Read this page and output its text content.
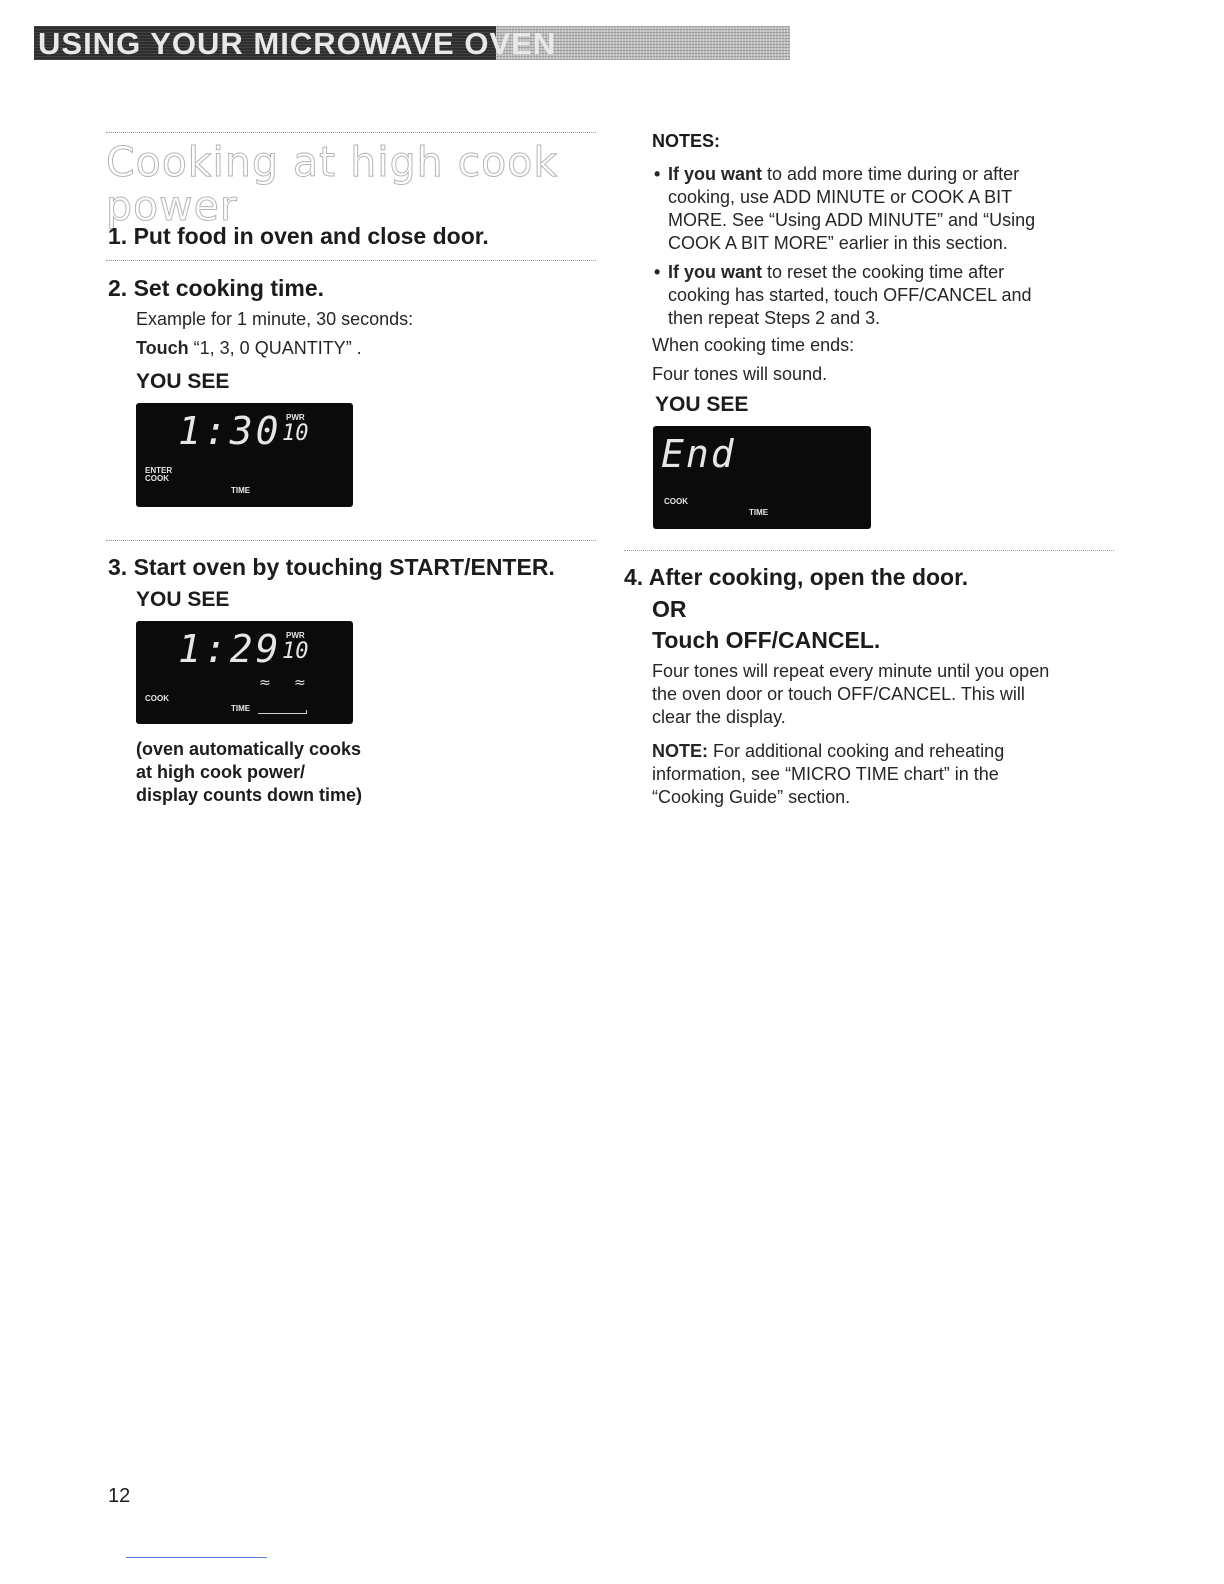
USING YOUR MICROWAVE OVEN
Cooking at high cook power
1. Put food in oven and close door.
2. Set cooking time.
Example for 1 minute, 30 seconds:
Touch “1, 3, 0 QUANTITY” .
YOU SEE
1:30 PWR
10
ENTER
COOK
TIME
3. Start oven by touching START/ENTER.
YOU SEE
1:29 PWR
10
≈ ≈
COOK
TIME
(oven automatically cooks
at high cook power/
display counts down time)
NOTES:
• If you want to add more time during or after
cooking, use ADD MINUTE or COOK A BIT
MORE. See “Using ADD MINUTE” and “Using
COOK A BIT MORE” earlier in this section.
• If you want to reset the cooking time after
cooking has started, touch OFF/CANCEL and
then repeat Steps 2 and 3.
When cooking time ends:
Four tones will sound.
YOU SEE
End
COOK
TIME
4. After cooking, open the door.
OR
Touch OFF/CANCEL.
Four tones will repeat every minute until you open
the oven door or touch OFF/CANCEL. This will
clear the display.
NOTE: For additional cooking and reheating
information, see “MICRO TIME chart” in the
“Cooking Guide” section.
12
